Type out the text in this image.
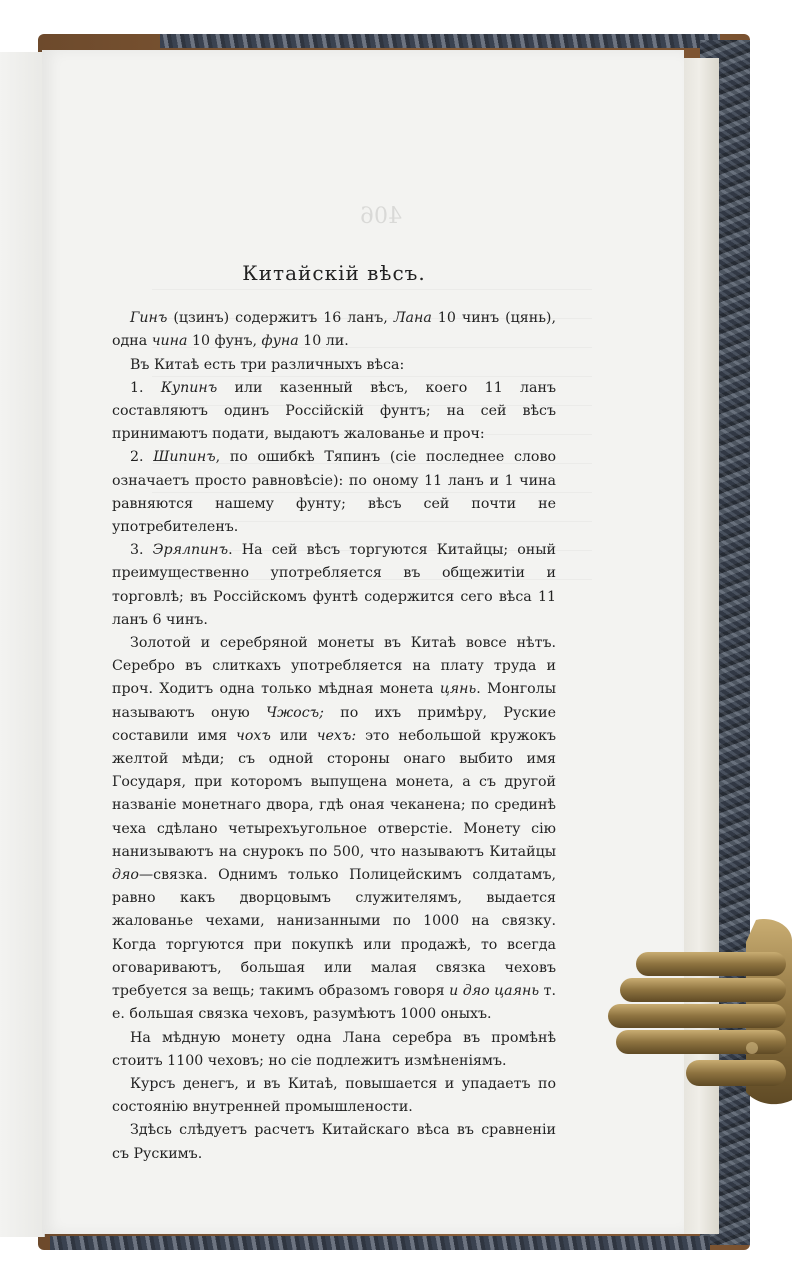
406
Китайскій вѣсъ.

Гинъ (цзинъ) содержитъ 16 ланъ, Лана 10 чинъ (цянь), одна чина 10 фунъ, фуна 10 ли.

Въ Китаѣ есть три различныхъ вѣса:

1. Купинъ или казенный вѣсъ, коего 11 ланъ составляютъ одинъ Россійскій фунтъ; на сей вѣсъ принимаютъ подати, выдаютъ жалованье и проч:

2. Шипинъ, по ошибкѣ Тяпинъ (сіе последнее слово означаетъ просто равновѣсіе): по оному 11 ланъ и 1 чина равняются нашему фунту; вѣсъ сей почти не употребителенъ.

3. Эрялпинъ. На сей вѣсъ торгуются Китайцы; оный преимущественно употребляется въ общежитіи и торговлѣ; въ Россійскомъ фунтѣ содержится сего вѣса 11 ланъ 6 чинъ.

Золотой и серебряной монеты въ Китаѣ вовсе нѣтъ. Серебро въ слиткахъ употребляется на плату труда и проч. Ходитъ одна только мѣдная монета цянь. Монголы называютъ оную Чжосъ; по ихъ примѣру, Руские составили имя чохъ или чехъ: это небольшой кружокъ желтой мѣди; съ одной стороны онаго выбито имя Государя, при которомъ выпущена монета, а съ другой названіе монетнаго двора, гдѣ оная чеканена; по срединѣ чеха сдѣлано четырехъугольное отверстіе. Монету сію нанизываютъ на снурокъ по 500, что называютъ Китайцы дяо—связка. Однимъ только Полицейскимъ солдатамъ, равно какъ дворцовымъ служителямъ, выдается жалованье чехами, нанизанными по 1000 на связку. Когда торгуются при покупкѣ или продажѣ, то всегда оговариваютъ, большая или малая связка чеховъ требуется за вещь; такимъ образомъ говоря и дяо цаянь т. е. большая связка чеховъ, разумѣютъ 1000 оныхъ.

На мѣдную монету одна Лана серебра въ промѣнѣ стоитъ 1100 чеховъ; но сіе подлежитъ измѣненіямъ.

Курсъ денегъ, и въ Китаѣ, повышается и упадаетъ по состоянію внутренней промышлености.

Здѣсь слѣдуетъ расчетъ Китайскаго вѣса въ сравненіи съ Рускимъ.
